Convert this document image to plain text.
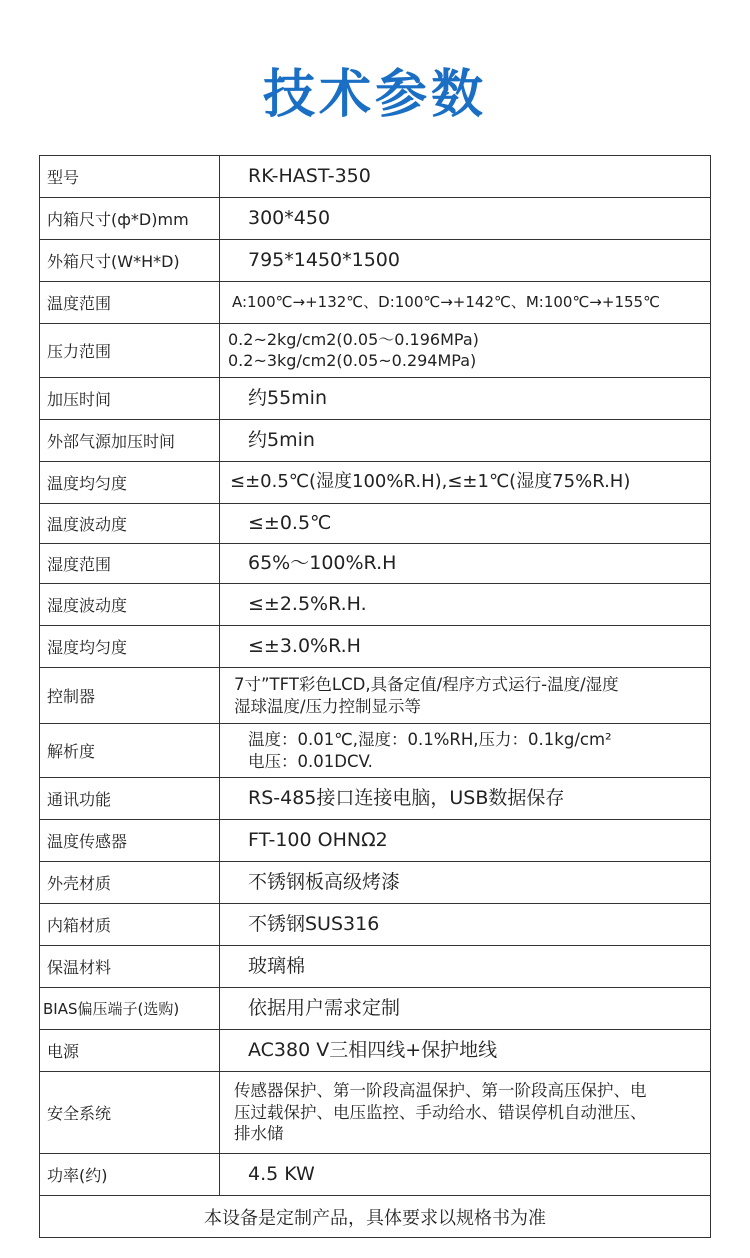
技术参数
型号	RK-HAST-350
内箱尺寸(ф*D)mm	300*450
外箱尺寸(W*H*D)	795*1450*1500
温度范围	A:100℃→+132℃、D:100℃→+142℃、M:100℃→+155℃
压力范围	0.2~2kg/cm2(0.05～0.196MPa)
0.2~3kg/cm2(0.05~0.294MPa)

加压时间	约55min
外部气源加压时间	约5min
温度均匀度	≤±0.5℃(湿度100%R.H),≤±1℃(湿度75%R.H)
温度波动度	≤±0.5℃
湿度范围	65%～100%R.H
湿度波动度	≤±2.5%R.H.
湿度均匀度	≤±3.0%R.H
控制器	7寸”TFT彩色LCD,具备定值/程序方式运行-温度/湿度
湿球温度/压力控制显示等

解析度	温度：0.01℃,湿度：0.1%RH,压力：0.1kg/cm²
电压：0.01DCV.

通讯功能	RS-485接口连接电脑，USB数据保存
温度传感器	FT-100 OHNΩ2
外壳材质	不锈钢板高级烤漆
内箱材质	不锈钢SUS316
保温材料	玻璃棉
BIAS偏压端子(选购)	依据用户需求定制
电源	AC380 V三相四线+保护地线
安全系统	传感器保护、第一阶段高温保护、第一阶段高压保护、电
压过载保护、电压监控、手动给水、错误停机自动泄压、
排水储

功率(约)	4.5 KW
本设备是定制产品，具体要求以规格书为准	
